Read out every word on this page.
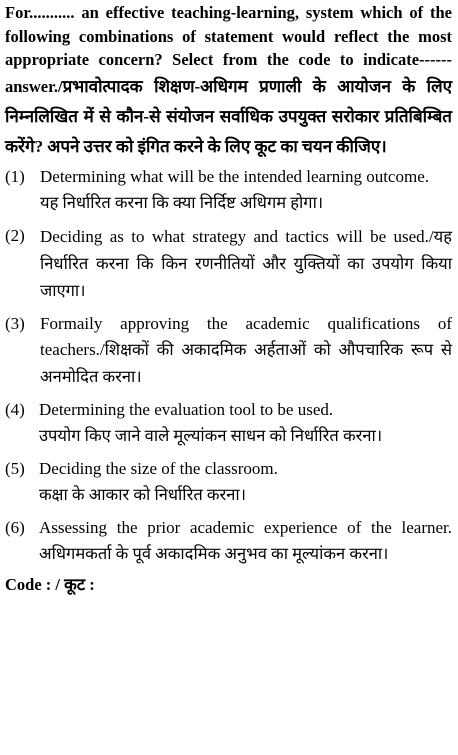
For........... an effective teaching-learning, system which of the following combinations of statement would reflect the most appropriate concern? Select from the code to indicate------ answer./प्रभावोत्पादक शिक्षण-अधिगम प्रणाली के आयोजन के लिए निम्नलिखित में से कौन-से संयोजन सर्वाधिक उपयुक्त सरोकार प्रतिबिम्बित करेंगे? अपने उत्तर को इंगित करने के लिए कूट का चयन कीजिए।

(1) Determining what will be the intended learning outcome.
यह निर्धारित करना कि क्या निर्दिष्ट अधिगम होगा।
(2) Deciding as to what strategy and tactics will be used./यह निर्धारित करना कि किन रणनीतियों और युक्तियों का उपयोग किया जाएगा।
(3) Formaily approving the academic qualifications of teachers./शिक्षकों की अकादमिक अर्हताओं को औपचारिक रूप से अनमोदित करना।
(4) Determining the evaluation tool to be used.
उपयोग किए जाने वाले मूल्यांकन साधन को निर्धारित करना।
(5) Deciding the size of the classroom.
कक्षा के आकार को निर्धारित करना।
(6) Assessing the prior academic experience of the learner. अधिगमकर्ता के पूर्व अकादमिक अनुभव का मूल्यांकन करना।
Code : / कूट :
